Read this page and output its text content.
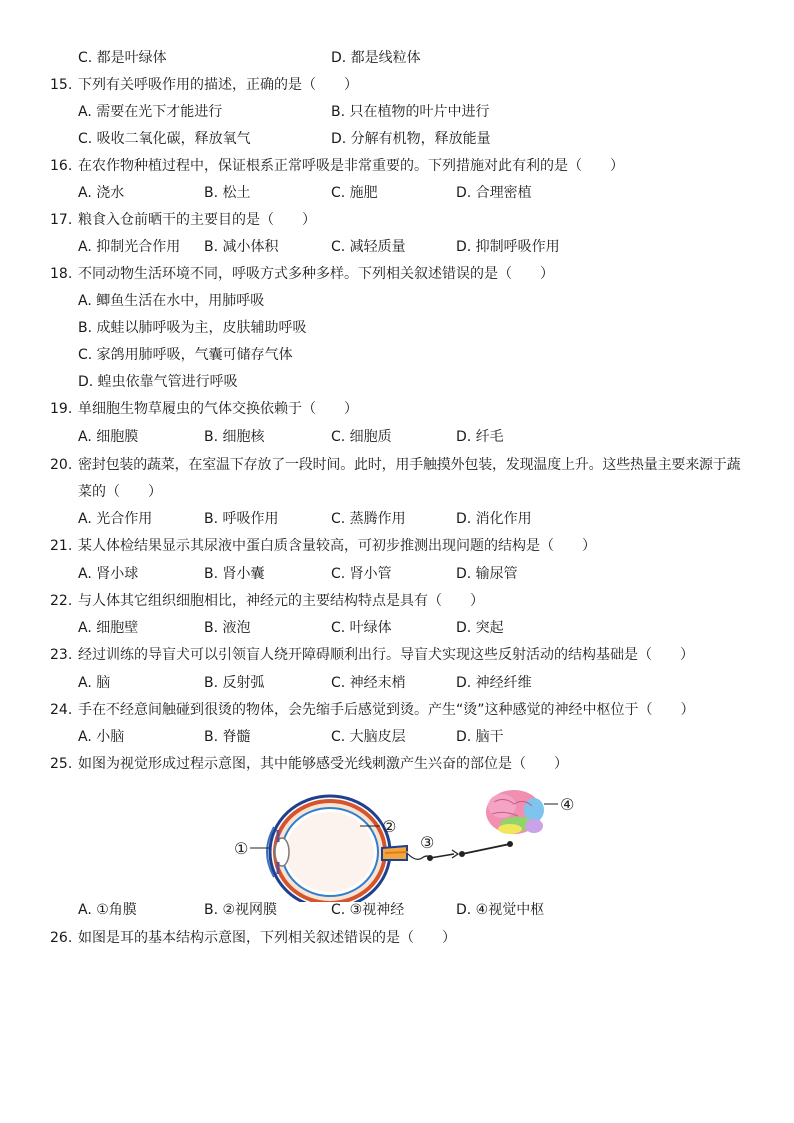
C. 都是叶绿体	D. 都是线粒体
15. 下列有关呼吸作用的描述，正确的是（　　）
A. 需要在光下才能进行	B. 只在植物的叶片中进行
C. 吸收二氧化碳，释放氧气	D. 分解有机物，释放能量
16. 在农作物种植过程中，保证根系正常呼吸是非常重要的。下列措施对此有利的是（　　）
A. 浇水	B. 松土	C. 施肥	D. 合理密植
17. 粮食入仓前晒干的主要目的是（　　）
A. 抑制光合作用 B. 减小体积	C. 减轻质量	D. 抑制呼吸作用
18. 不同动物生活环境不同，呼吸方式多种多样。下列相关叙述错误的是（　　）
A. 鲫鱼生活在水中，用肺呼吸
B. 成蛙以肺呼吸为主，皮肤辅助呼吸
C. 家鸽用肺呼吸，气囊可储存气体
D. 蝗虫依靠气管进行呼吸
19. 单细胞生物草履虫的气体交换依赖于（　　）
A. 细胞膜	B. 细胞核	C. 细胞质	D. 纤毛
20. 密封包装的蔬菜，在室温下存放了一段时间。此时，用手触摸外包装，发现温度上升。这些热量主要来源于蔬
菜的（　　）
A. 光合作用	B. 呼吸作用	C. 蒸腾作用	D. 消化作用
21. 某人体检结果显示其尿液中蛋白质含量较高，可初步推测出现问题的结构是（　　）
A. 肾小球	B. 肾小囊	C. 肾小管	D. 输尿管
22. 与人体其它组织细胞相比，神经元的主要结构特点是具有（　　）
A. 细胞壁	B. 液泡	C. 叶绿体	D. 突起
23. 经过训练的导盲犬可以引领盲人绕开障碍顺利出行。导盲犬实现这些反射活动的结构基础是（　　）
A. 脑	B. 反射弧	C. 神经末梢	D. 神经纤维
24. 手在不经意间触碰到很烫的物体，会先缩手后感觉到烫。产生“烫”这种感觉的神经中枢位于（　　）
A. 小脑	B. 脊髓	C. 大脑皮层	D. 脑干
25. 如图为视觉形成过程示意图，其中能够感受光线刺激产生兴奋的部位是（　　）
①
②
③
④
A. ①角膜	B. ②视网膜	C. ③视神经	D. ④视觉中枢
26. 如图是耳的基本结构示意图，下列相关叙述错误的是（　　）
